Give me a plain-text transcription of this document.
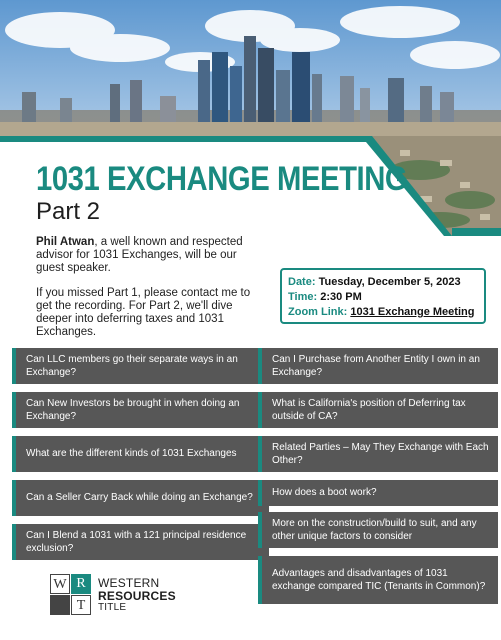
1031 EXCHANGE MEETING
Part 2

Phil Atwan, a well known and respected advisor for 1031 Exchanges, will be our guest speaker.

If you missed Part 1, please contact me to get the recording. For Part 2, we'll dive deeper into deferring taxes and 1031 Exchanges.

Date: Tuesday, December 5, 2023
Time: 2:30 PM
Zoom Link: 1031 Exchange Meeting
Can LLC members go their separate ways in an Exchange?
Can New Investors be brought in when doing an Exchange?
What are the different kinds of 1031 Exchanges
Can a Seller Carry Back while doing an Exchange?
Can I Blend a 1031 with a 121 principal residence exclusion?
Can I Purchase from Another Entity I own in an Exchange?
What is California's position of Deferring tax outside of CA?
Related Parties – May They Exchange with Each Other?
How does a boot work?
More on the construction/build to suit, and any other unique factors to consider
Advantages and disadvantages of 1031 exchange compared TIC (Tenants in Common)?
W R
T
WESTERN
RESOURCES
TITLE
